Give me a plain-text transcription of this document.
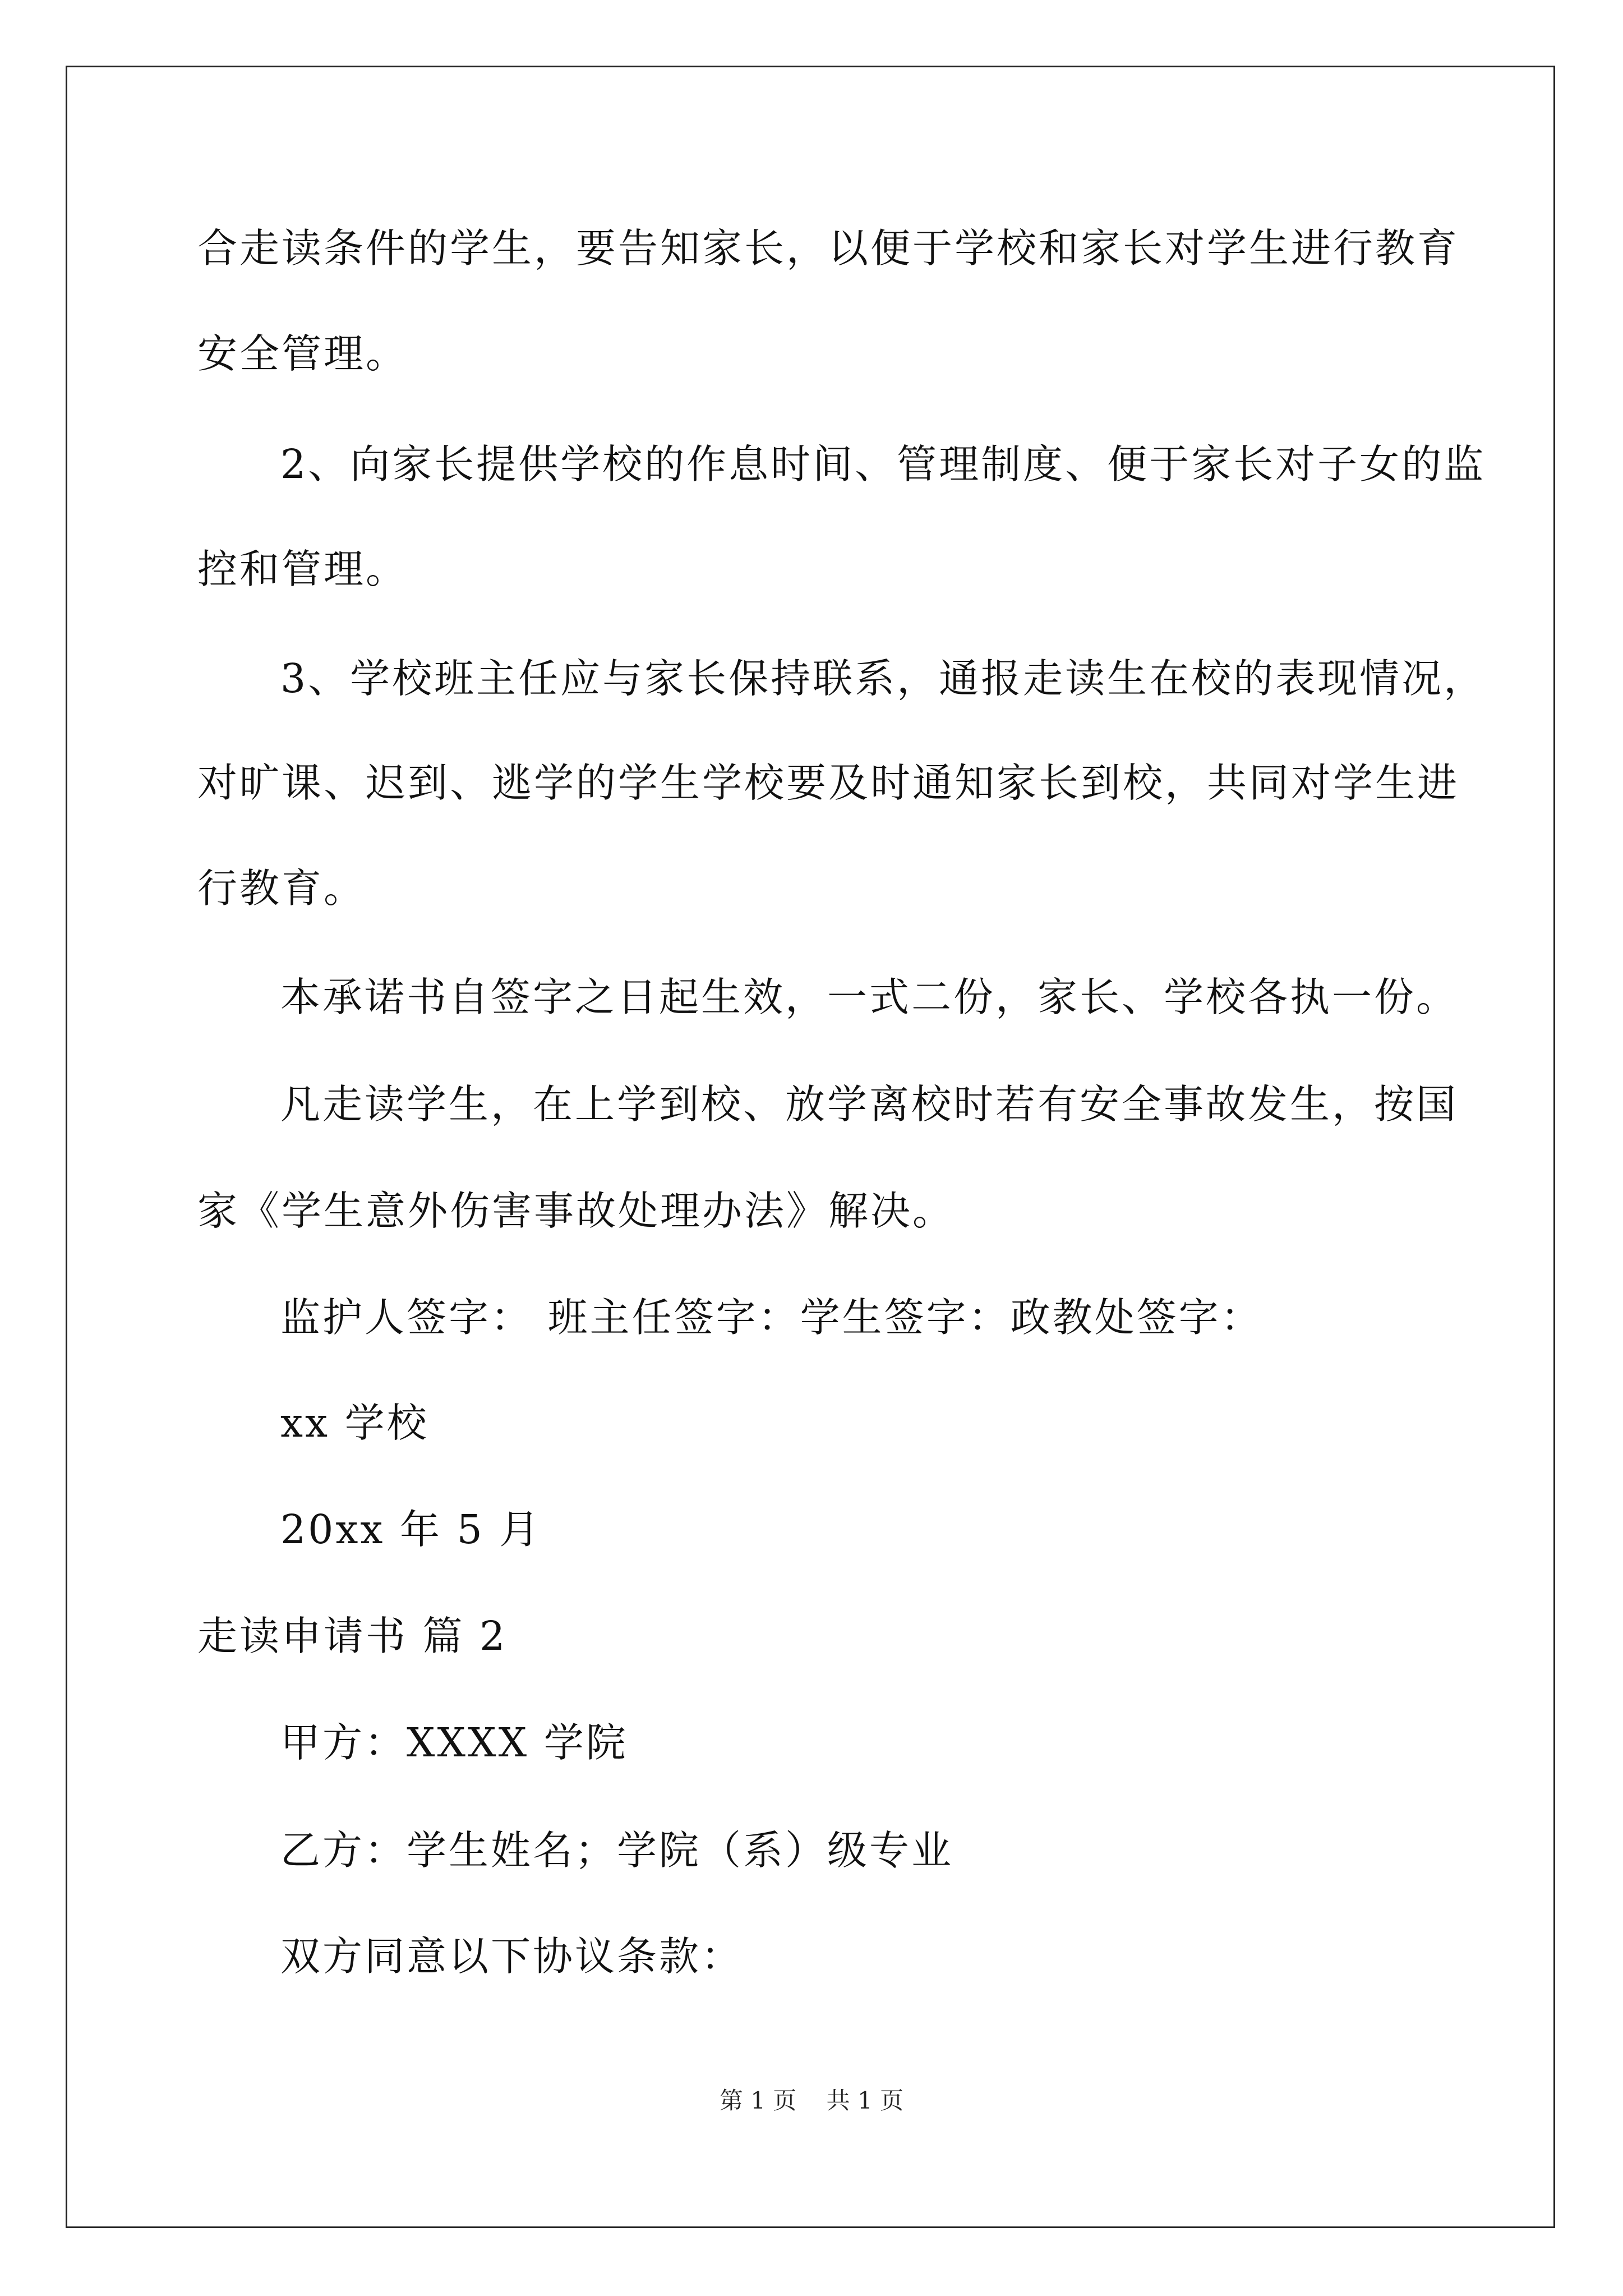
合走读条件的学生，要告知家长，以便于学校和家长对学生进行教育
安全管理。
2、向家长提供学校的作息时间、管理制度、便于家长对子女的监
控和管理。
3、学校班主任应与家长保持联系，通报走读生在校的表现情况，
对旷课、迟到、逃学的学生学校要及时通知家长到校，共同对学生进
行教育。
本承诺书自签字之日起生效，一式二份，家长、学校各执一份。
凡走读学生，在上学到校、放学离校时若有安全事故发生，按国
家《学生意外伤害事故处理办法》解决。
监护人签字： 班主任签字：学生签字：政教处签字：
xx 学校
20xx 年 5 月
走读申请书 篇 2
甲方：XXXX 学院
乙方：学生姓名；学院（系）级专业
双方同意以下协议条款：
第 1 页 共 1 页
